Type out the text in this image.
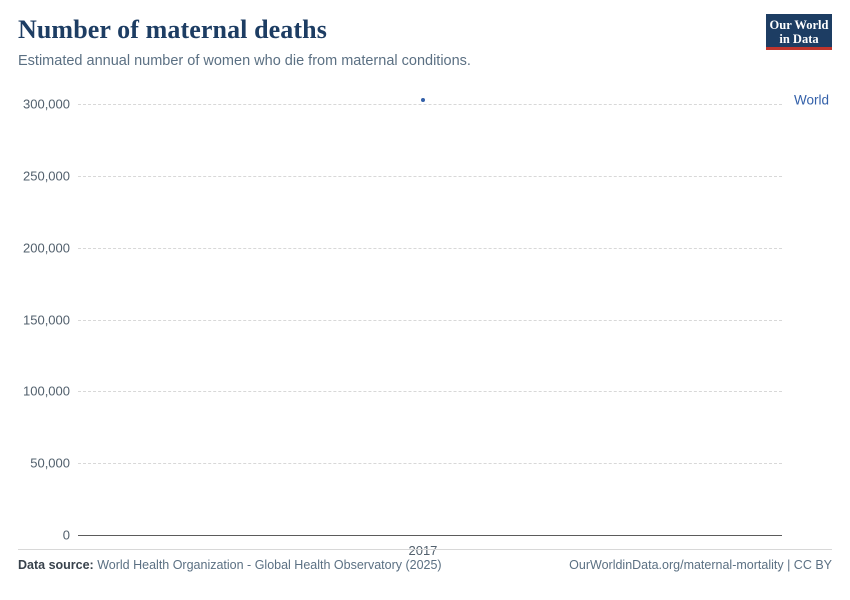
Number of maternal deaths

Estimated annual number of women who die from maternal conditions.

Our World
in Data
0
50,000
100,000
150,000
200,000
250,000
300,000
2017
World
Data source: World Health Organization - Global Health Observatory (2025)	OurWorldinData.org/maternal-mortality | CC BY
